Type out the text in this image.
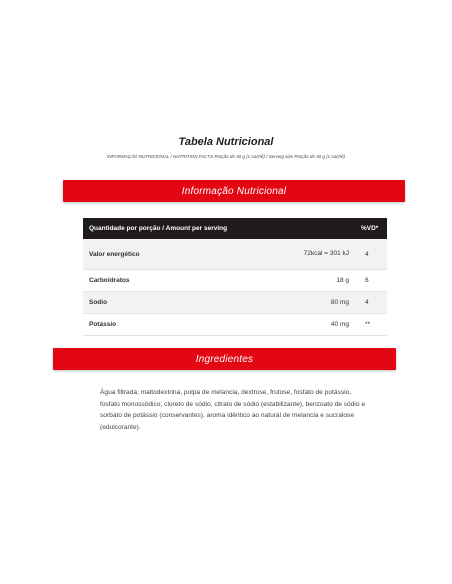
Tabela Nutricional
INFORMAÇÃO NUTRICIONAL / NUTRITION FACTS Porção de 30 g (1 sachê) / Serving size Porção de 30 g (1 sachê)
Informação Nutricional
Quantidade por porção / Amount per serving	%VD*
Valor energético	72kcal = 301 kJ	4
Carboidratos	18 g	6
Sodio	80 mg	4
Potássio	40 mg	**
Ingredientes
Água filtrada, maltodextrina, polpa de melancia, dextrose, frutose, fosfato de potássio, fosfato monossódico, cloreto de sódio, citrato de sódio (estabilizante), benzoato de sódio e sorbato de potássio (conservantes), aroma idêntico ao natural de melancia e sucralose (edulcorante).
